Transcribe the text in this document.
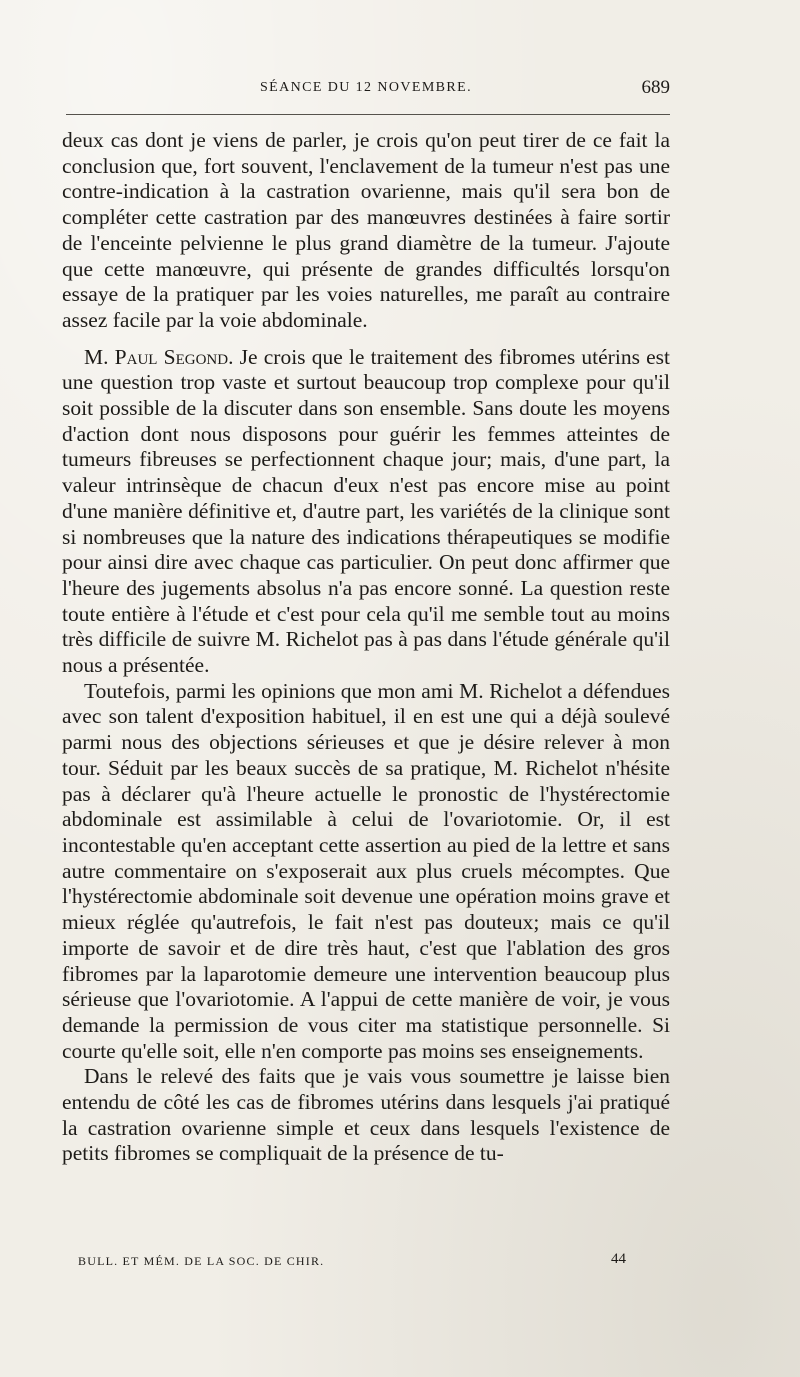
SÉANCE DU 12 NOVEMBRE.	689

deux cas dont je viens de parler, je crois qu'on peut tirer de ce fait la conclusion que, fort souvent, l'enclavement de la tumeur n'est pas une contre-indication à la castration ovarienne, mais qu'il sera bon de compléter cette castration par des manœuvres destinées à faire sortir de l'enceinte pelvienne le plus grand diamètre de la tumeur. J'ajoute que cette manœuvre, qui présente de grandes difficultés lorsqu'on essaye de la pratiquer par les voies naturelles, me paraît au contraire assez facile par la voie abdominale.

M. Paul Segond. Je crois que le traitement des fibromes utérins est une question trop vaste et surtout beaucoup trop complexe pour qu'il soit possible de la discuter dans son ensemble. Sans doute les moyens d'action dont nous disposons pour guérir les femmes atteintes de tumeurs fibreuses se perfectionnent chaque jour; mais, d'une part, la valeur intrinsèque de chacun d'eux n'est pas encore mise au point d'une manière définitive et, d'autre part, les variétés de la clinique sont si nombreuses que la nature des indications thérapeutiques se modifie pour ainsi dire avec chaque cas particulier. On peut donc affirmer que l'heure des jugements absolus n'a pas encore sonné. La question reste toute entière à l'étude et c'est pour cela qu'il me semble tout au moins très difficile de suivre M. Richelot pas à pas dans l'étude générale qu'il nous a présentée.

Toutefois, parmi les opinions que mon ami M. Richelot a défendues avec son talent d'exposition habituel, il en est une qui a déjà soulevé parmi nous des objections sérieuses et que je désire relever à mon tour. Séduit par les beaux succès de sa pratique, M. Richelot n'hésite pas à déclarer qu'à l'heure actuelle le pronostic de l'hystérectomie abdominale est assimilable à celui de l'ovariotomie. Or, il est incontestable qu'en acceptant cette assertion au pied de la lettre et sans autre commentaire on s'exposerait aux plus cruels mécomptes. Que l'hystérectomie abdominale soit devenue une opération moins grave et mieux réglée qu'autrefois, le fait n'est pas douteux; mais ce qu'il importe de savoir et de dire très haut, c'est que l'ablation des gros fibromes par la laparotomie demeure une intervention beaucoup plus sérieuse que l'ovariotomie. A l'appui de cette manière de voir, je vous demande la permission de vous citer ma statistique personnelle. Si courte qu'elle soit, elle n'en comporte pas moins ses enseignements.

Dans le relevé des faits que je vais vous soumettre je laisse bien entendu de côté les cas de fibromes utérins dans lesquels j'ai pratiqué la castration ovarienne simple et ceux dans lesquels l'existence de petits fibromes se compliquait de la présence de tu-

BULL. ET MÉM. DE LA SOC. DE CHIR.	44
